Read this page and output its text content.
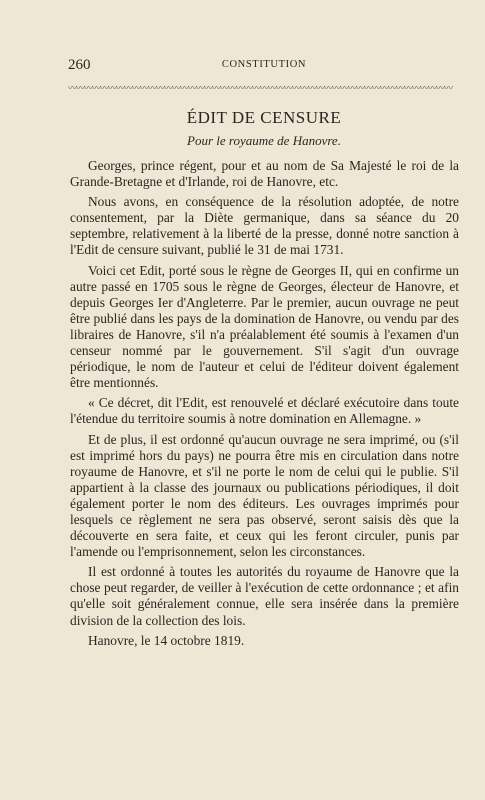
260	CONSTITUTION
〰〰〰〰〰〰〰〰〰〰〰〰〰〰〰〰〰〰〰〰〰〰〰〰〰〰〰〰〰〰〰〰〰〰〰〰〰〰〰〰〰〰〰〰〰〰〰〰〰〰
ÉDIT DE CENSURE
Pour le royaume de Hanovre.

Georges, prince régent, pour et au nom de Sa Majesté le roi de la Grande-Bretagne et d'Irlande, roi de Hanovre, etc.

Nous avons, en conséquence de la résolution adoptée, de notre consentement, par la Diète germanique, dans sa séance du 20 septembre, relativement à la liberté de la presse, donné notre sanction à l'Edit de censure suivant, publié le 31 de mai 1731.

Voici cet Edit, porté sous le règne de Georges II, qui en confirme un autre passé en 1705 sous le règne de Georges, électeur de Hanovre, et depuis Georges Ier d'Angleterre. Par le premier, aucun ouvrage ne peut être publié dans les pays de la domination de Hanovre, ou vendu par des libraires de Hanovre, s'il n'a préalablement été soumis à l'examen d'un censeur nommé par le gouvernement. S'il s'agit d'un ouvrage périodique, le nom de l'auteur et celui de l'éditeur doivent également être mentionnés.

« Ce décret, dit l'Edit, est renouvelé et déclaré exécutoire dans toute l'étendue du territoire soumis à notre domination en Allemagne. »

Et de plus, il est ordonné qu'aucun ouvrage ne sera imprimé, ou (s'il est imprimé hors du pays) ne pourra être mis en circulation dans notre royaume de Hanovre, et s'il ne porte le nom de celui qui le publie. S'il appartient à la classe des journaux ou publications périodiques, il doit également porter le nom des éditeurs. Les ouvrages imprimés pour lesquels ce règlement ne sera pas observé, seront saisis dès que la découverte en sera faite, et ceux qui les feront circuler, punis par l'amende ou l'emprisonnement, selon les circonstances.

Il est ordonné à toutes les autorités du royaume de Hanovre que la chose peut regarder, de veiller à l'exécution de cette ordonnance ; et afin qu'elle soit généralement connue, elle sera insérée dans la première division de la collection des lois.

Hanovre, le 14 octobre 1819.
